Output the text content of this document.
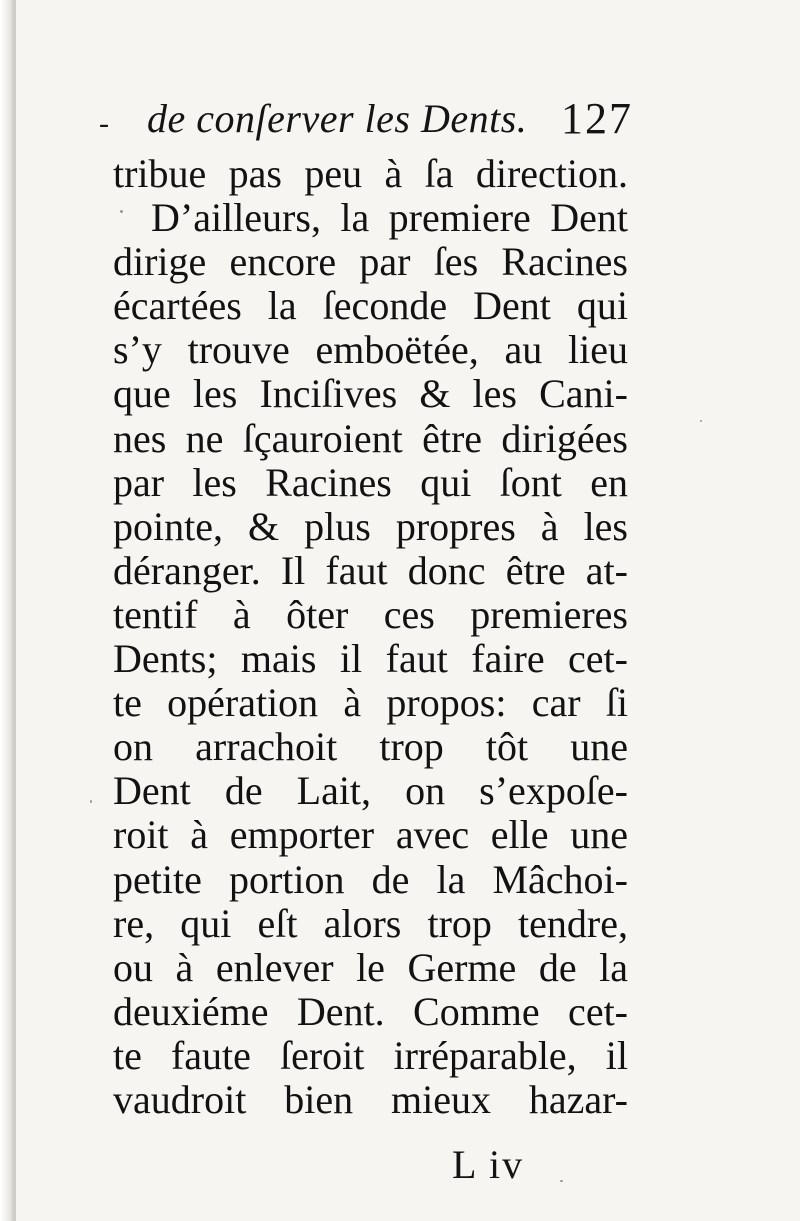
- de conſerver les Dents. 127
tribue pas peu à ſa direction.
D’ailleurs, la premiere Dent
dirige encore par ſes Racines
écartées la ſeconde Dent qui
s’y trouve emboëtée, au lieu
que les Inciſives & les Cani-
nes ne ſçauroient être dirigées
par les Racines qui ſont en
pointe, & plus propres à les
déranger. Il faut donc être at-
tentif à ôter ces premieres
Dents; mais il faut faire cet-
te opération à propos: car ſi
on arrachoit trop tôt une
Dent de Lait, on s’expoſe-
roit à emporter avec elle une
petite portion de la Mâchoi-
re, qui eſt alors trop tendre,
ou à enlever le Germe de la
deuxiéme Dent. Comme cet-
te faute ſeroit irréparable, il
vaudroit bien mieux hazar-
L iv
